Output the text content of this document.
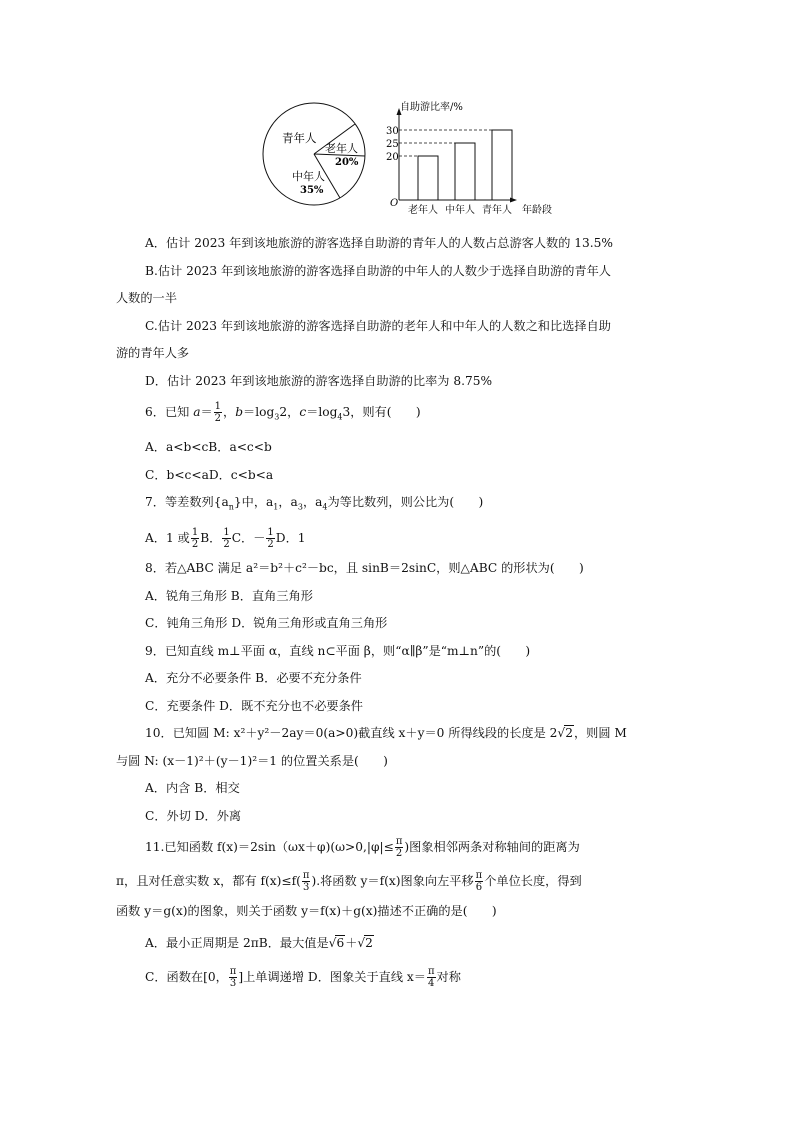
青年人
老年人
20%
中年人
35%
自助游比率/%
O
30
25
20
老年人 中年人 青年人 年龄段
A．估计 2023 年到该地旅游的游客选择自助游的青年人的人数占总游客人数的 13.5%
B.估计 2023 年到该地旅游的游客选择自助游的中年人的人数少于选择自助游的青年人
人数的一半
C.估计 2023 年到该地旅游的游客选择自助游的老年人和中年人的人数之和比选择自助
游的青年人多
D．估计 2023 年到该地旅游的游客选择自助游的比率为 8.75%
6．已知 $a= \frac{1}{2}$ ，$b=\log_32$，$c=\log_43$，则有(　　)
A．a<b<cB．a<c<b
C．b<c<aD．c<b<a
7．等差数列$\{a_n\}$中，$a_1$，$a_3$，$a_4$为等比数列，则公比为(　　)
A．1 或 $\frac{1}{2}$ B． $\frac{1}{2}$ C．－ $\frac{1}{2}$ D．1
8．若△ABC 满足 a²＝b²＋c²－bc，且 sinB＝2sinC，则△ABC 的形状为(　　)
A．锐角三角形 B．直角三角形
C．钝角三角形 D．锐角三角形或直角三角形
9．已知直线 m⊥平面 α，直线 n⊂平面 β，则“α∥β”是“m⊥n”的(　　)
A．充分不必要条件 B．必要不充分条件
C．充要条件 D．既不充分也不必要条件
10．已知圆 M: x²＋y²－2ay＝0(a>0)截直线 x＋y＝0 所得线段的长度是 2√2，则圆 M
与圆 N: (x－1)²＋(y－1)²＝1 的位置关系是(　　)
A．内含 B．相交
C．外切 D．外离
11.已知函数 $f(x)=2\sin(\omega x+\varphi)(\omega>0,|\varphi|\le \frac{\pi}{2}$ )图象相邻两条对称轴间的距离为
π，且对任意实数 x，都有 $f(x)\le f( \frac{\pi}{3}$ ).将函数 y＝f(x)图象向左平移 $\frac{\pi}{6}$ 个单位长度，得到
函数 y＝g(x)的图象，则关于函数 y＝f(x)＋g(x)描述不正确的是(　　)
A．最小正周期是 2πB．最大值是√6＋√2
C．函数在[0， $\frac{\pi}{3}$ ]上单调递增 D．图象关于直线 $x= \frac{\pi}{4}$ 对称
